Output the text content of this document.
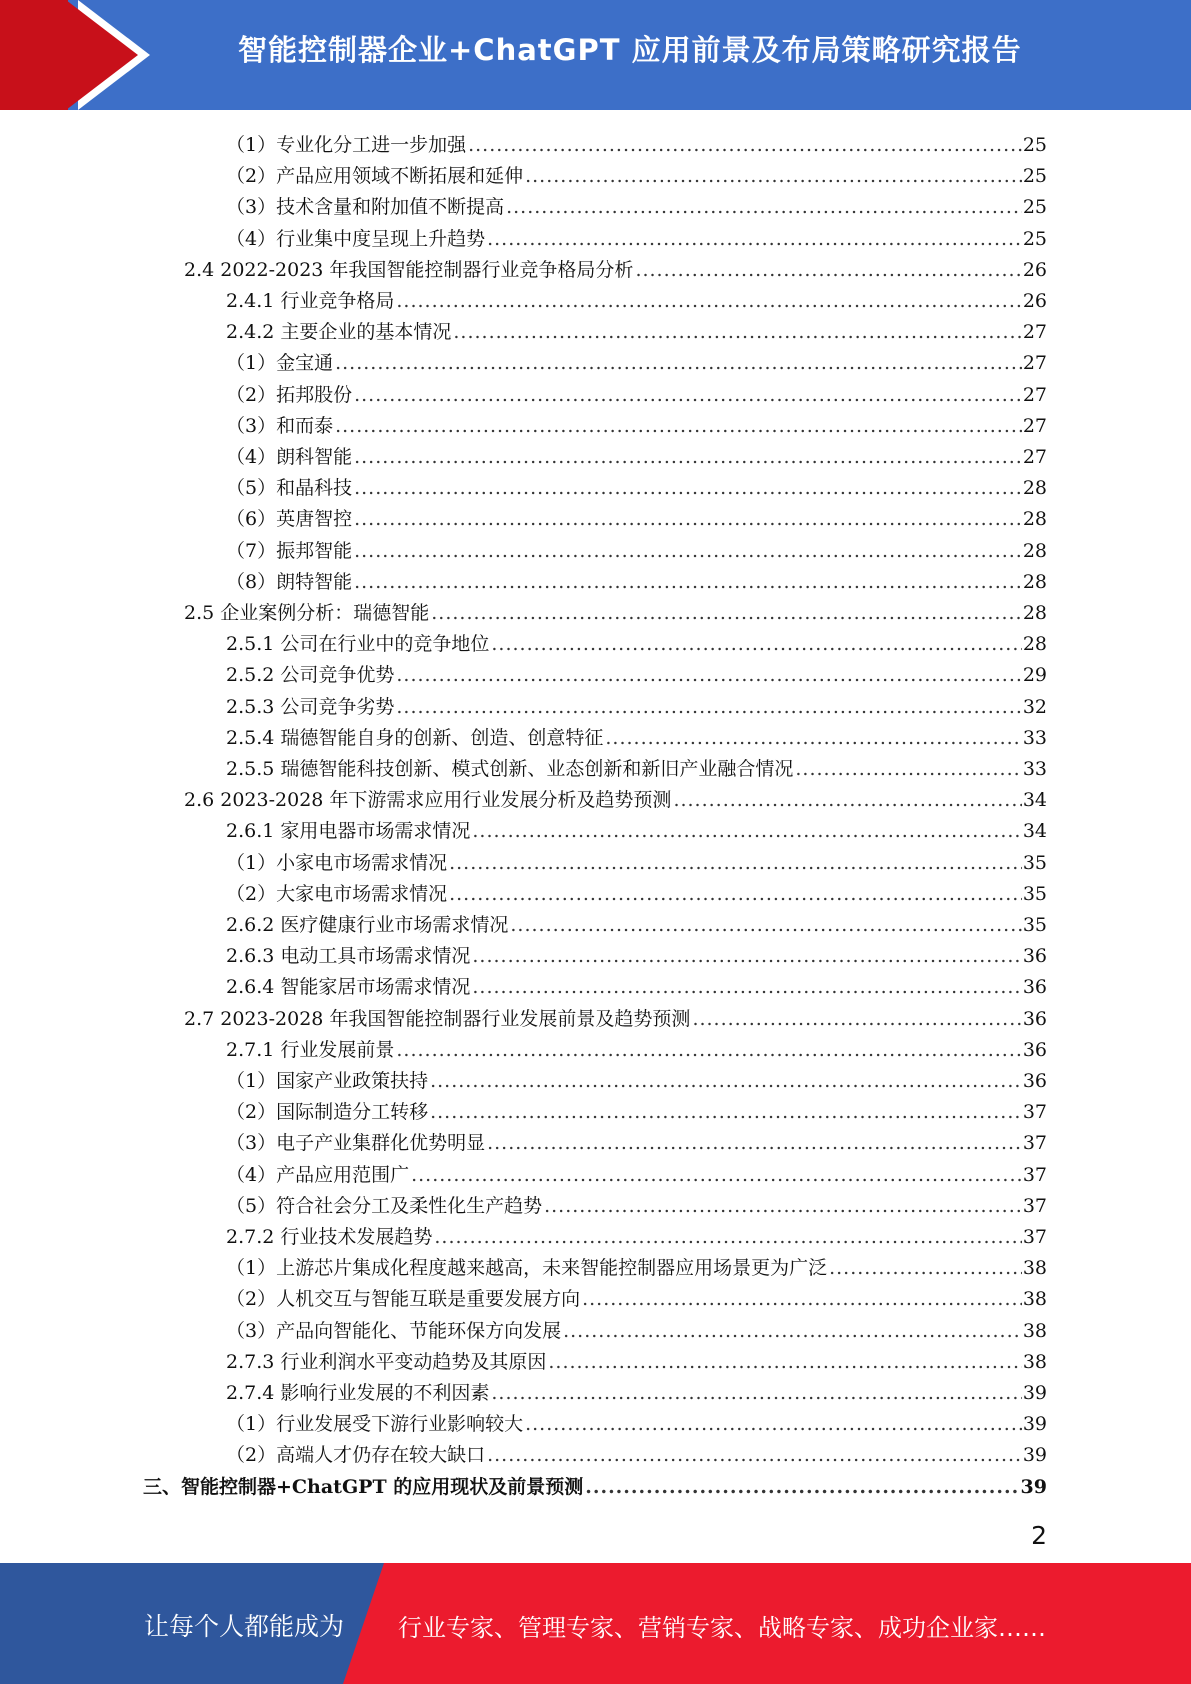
智能控制器企业+ChatGPT 应用前景及布局策略研究报告
（1）专业化分工进一步加强 .....	25
（2）产品应用领域不断拓展和延伸 .....	25
（3）技术含量和附加值不断提高 .....	25
（4）行业集中度呈现上升趋势 .....	25
2.4 2022-2023 年我国智能控制器行业竞争格局分析 .....	26
2.4.1 行业竞争格局 .....	26
2.4.2 主要企业的基本情况 .....	27
（1）金宝通 .....	27
（2）拓邦股份 .....	27
（3）和而泰 .....	27
（4）朗科智能 .....	27
（5）和晶科技 .....	28
（6）英唐智控 .....	28
（7）振邦智能 .....	28
（8）朗特智能 .....	28
2.5 企业案例分析：瑞德智能 .....	28
2.5.1 公司在行业中的竞争地位 .....	28
2.5.2 公司竞争优势 .....	29
2.5.3 公司竞争劣势 .....	32
2.5.4 瑞德智能自身的创新、创造、创意特征 .....	33
2.5.5 瑞德智能科技创新、模式创新、业态创新和新旧产业融合情况 .....	33
2.6 2023-2028 年下游需求应用行业发展分析及趋势预测 .....	34
2.6.1 家用电器市场需求情况 .....	34
（1）小家电市场需求情况 .....	35
（2）大家电市场需求情况 .....	35
2.6.2 医疗健康行业市场需求情况 .....	35
2.6.3 电动工具市场需求情况 .....	36
2.6.4 智能家居市场需求情况 .....	36
2.7 2023-2028 年我国智能控制器行业发展前景及趋势预测 .....	36
2.7.1 行业发展前景 .....	36
（1）国家产业政策扶持 .....	36
（2）国际制造分工转移 .....	37
（3）电子产业集群化优势明显 .....	37
（4）产品应用范围广 .....	37
（5）符合社会分工及柔性化生产趋势 .....	37
2.7.2 行业技术发展趋势 .....	37
（1）上游芯片集成化程度越来越高，未来智能控制器应用场景更为广泛 .....	38
（2）人机交互与智能互联是重要发展方向 .....	38
（3）产品向智能化、节能环保方向发展 .....	38
2.7.3 行业利润水平变动趋势及其原因 .....	38
2.7.4 影响行业发展的不利因素 .....	39
（1）行业发展受下游行业影响较大 .....	39
（2）高端人才仍存在较大缺口 .....	39
三、智能控制器+ChatGPT 的应用现状及前景预测 .....	39
2
让每个人都能成为 行业专家、管理专家、营销专家、战略专家、成功企业家……
